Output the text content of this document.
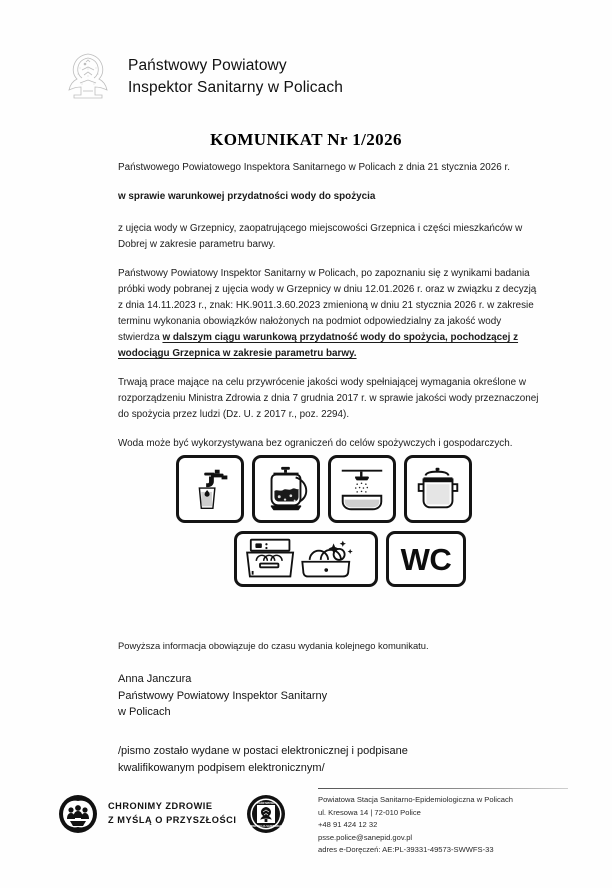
Państwowy Powiatowy
Inspektor Sanitarny w Policach
KOMUNIKAT Nr 1/2026

Państwowego Powiatowego Inspektora Sanitarnego w Policach z dnia 21 stycznia 2026 r.

w sprawie warunkowej przydatności wody do spożycia

z ujęcia wody w Grzepnicy, zaopatrującego miejscowości Grzepnica i części mieszkańców w Dobrej w zakresie parametru barwy.

Państwowy Powiatowy Inspektor Sanitarny w Policach, po zapoznaniu się z wynikami badania próbki wody pobranej z ujęcia wody w Grzepnicy w dniu 12.01.2026 r. oraz w związku z decyzją z dnia 14.11.2023 r., znak: HK.9011.3.60.2023 zmienioną w dniu 21 stycznia 2026 r. w zakresie terminu wykonania obowiązków nałożonych na podmiot odpowiedzialny za jakość wody stwierdza w dalszym ciągu warunkową przydatność wody do spożycia, pochodzącej z wodociągu Grzepnica w zakresie parametru barwy.

Trwają prace mające na celu przywrócenie jakości wody spełniającej wymagania określone w rozporządzeniu Ministra Zdrowia z dnia 7 grudnia 2017 r. w sprawie jakości wody przeznaczonej do spożycia przez ludzi (Dz. U. z 2017 r., poz. 2294).

Woda może być wykorzystywana bez ograniczeń do celów spożywczych i gospodarczych.

WC

Powyższa informacja obowiązuje do czasu wydania kolejnego komunikatu.

Anna Janczura
Państwowy Powiatowy Inspektor Sanitarny
w Policach
/pismo zostało wydane w postaci elektronicznej i podpisane
kwalifikowanym podpisem elektronicznym/
CHRONIMY ZDROWIE
Z MYŚLĄ O PRZYSZŁOŚCI
PAŃSTWOWA
INSPEKCJA SANITARNA
Powiatowa Stacja Sanitarno-Epidemiologiczna w Policach
ul. Kresowa 14 | 72-010 Police
+48 91 424 12 32
psse.police@sanepid.gov.pl
adres e-Doręczeń: AE:PL-39331-49573-SWWFS-33
